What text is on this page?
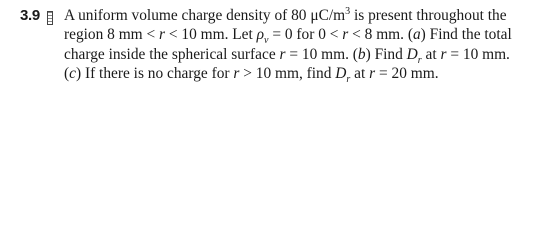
3.9 A uniform volume charge density of 80 $\mu C/m^3$ is present throughout the
region 8 mm < r < 10 mm. Let $\rho_v = 0$ for 0 < r < 8 mm. (a) Find the total
charge inside the spherical surface r = 10 mm. (b) Find $D_r$ at r = 10 mm.
(c) If there is no charge for r > 10 mm, find $D_r$ at r = 20 mm.
